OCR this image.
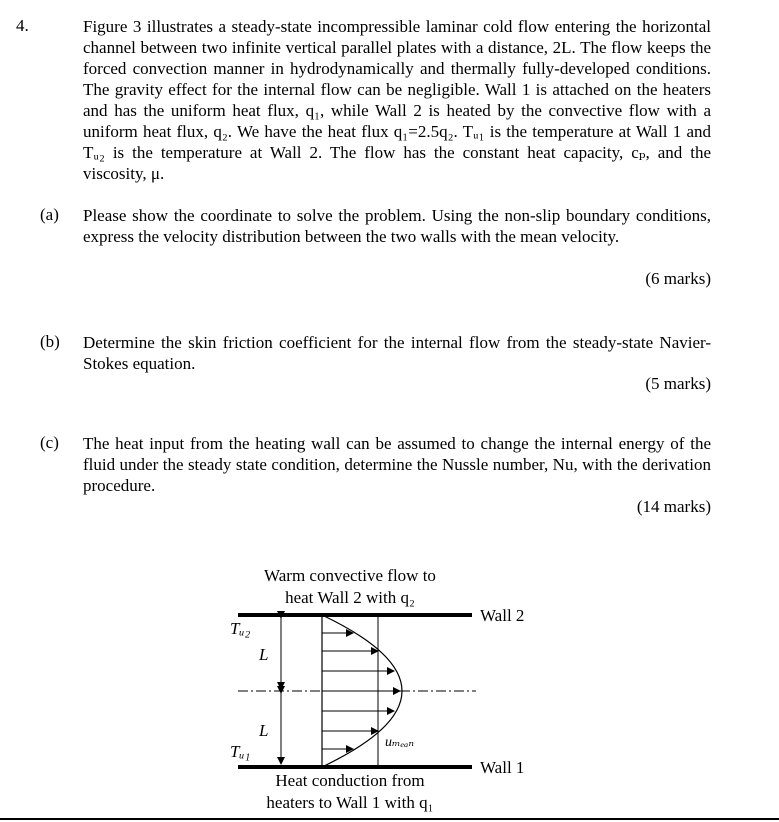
4.	Figure 3 illustrates a steady-state incompressible laminar cold flow entering the horizontal channel between two infinite vertical parallel plates with a distance, 2L. The flow keeps the forced convection manner in hydrodynamically and thermally fully-developed conditions. The gravity effect for the internal flow can be negligible. Wall 1 is attached on the heaters and has the uniform heat flux, q₁, while Wall 2 is heated by the convective flow with a uniform heat flux, q₂. We have the heat flux q₁=2.5q₂. Tᵤ₁ is the temperature at Wall 1 and Tᵤ₂ is the temperature at Wall 2. The flow has the constant heat capacity, cₚ, and the viscosity, μ.
(a) Please show the coordinate to solve the problem. Using the non-slip boundary conditions, express the velocity distribution between the two walls with the mean velocity.
(6 marks)
(b) Determine the skin friction coefficient for the internal flow from the steady-state Navier-Stokes equation.
(5 marks)
(c) The heat input from the heating wall can be assumed to change the internal energy of the fluid under the steady state condition, determine the Nussle number, Nu, with the derivation procedure.
(14 marks)
Warm convective flow to
heat Wall 2 with q₂
Wall 2
Wall 1
Tᵤ₂
Tᵤ₁
L
L
uₘₑₐₙ
Heat conduction from
heaters to Wall 1 with q₁
